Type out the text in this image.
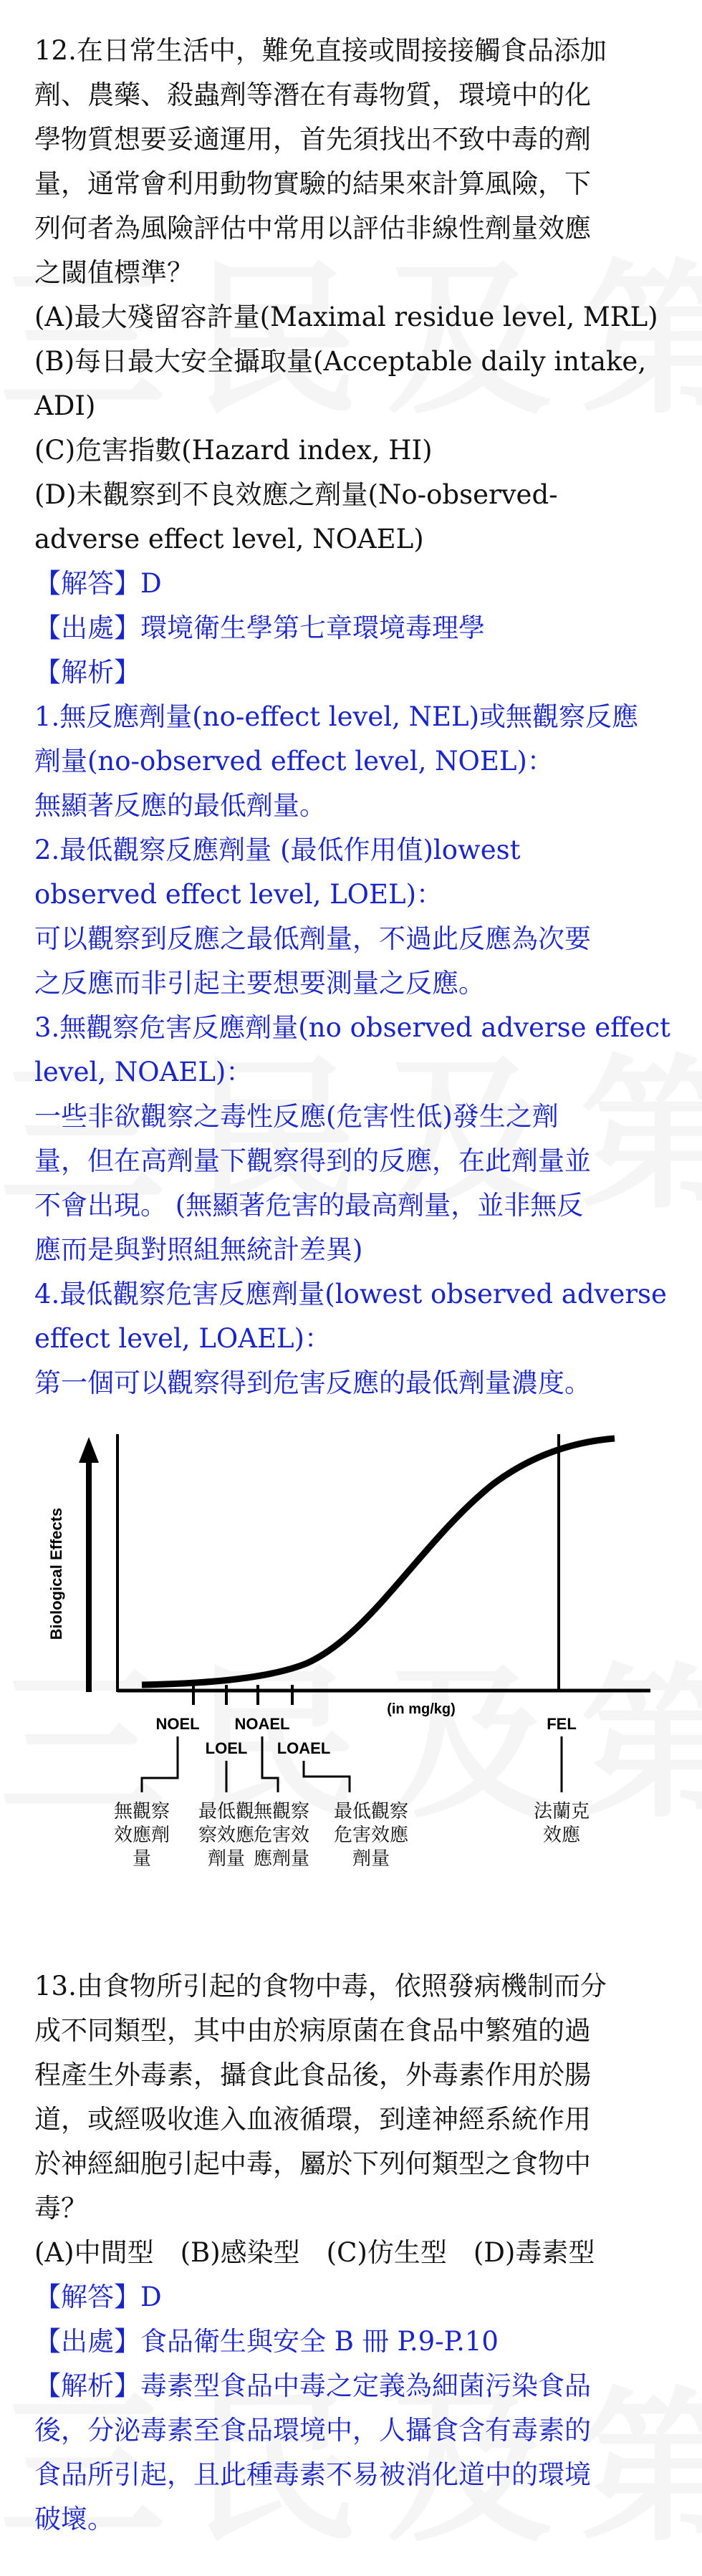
12.在日常生活中，難免直接或間接接觸食品添加

劑、農藥、殺蟲劑等潛在有毒物質，環境中的化

學物質想要妥適運用，首先須找出不致中毒的劑

量，通常會利用動物實驗的結果來計算風險，下

列何者為風險評估中常用以評估非線性劑量效應

之閾值標準？

(A)最大殘留容許量(Maximal residue level, MRL)

(B)每日最大安全攝取量(Acceptable daily intake,

ADI)

(C)危害指數(Hazard index, HI)

(D)未觀察到不良效應之劑量(No-observed-

adverse effect level, NOAEL)

【解答】D

【出處】環境衛生學第七章環境毒理學

【解析】

1.無反應劑量(no-effect level, NEL)或無觀察反應

劑量(no-observed effect level, NOEL)：

無顯著反應的最低劑量。

2.最低觀察反應劑量 (最低作用值)lowest

observed effect level, LOEL)：

可以觀察到反應之最低劑量，不過此反應為次要

之反應而非引起主要想要測量之反應。

3.無觀察危害反應劑量(no observed adverse effect

level, NOAEL)：

一些非欲觀察之毒性反應(危害性低)發生之劑

量，但在高劑量下觀察得到的反應，在此劑量並

不會出現。 (無顯著危害的最高劑量，並非無反

應而是與對照組無統計差異)

4.最低觀察危害反應劑量(lowest observed adverse

effect level, LOAEL)：

第一個可以觀察得到危害反應的最低劑量濃度。

Biological Effects
(in mg/kg)
NOEL
LOEL
NOAEL
LOAEL
FEL
無觀察
效應劑
量
最低觀
察效應
劑量
無觀察
危害效
應劑量
最低觀察
危害效應
劑量
法蘭克
效應

13.由食物所引起的食物中毒，依照發病機制而分

成不同類型，其中由於病原菌在食品中繁殖的過

程產生外毒素，攝食此食品後，外毒素作用於腸

道，或經吸收進入血液循環，到達神經系統作用

於神經細胞引起中毒，屬於下列何類型之食物中

毒？

(A)中間型　(B)感染型　(C)仿生型　(D)毒素型

【解答】D

【出處】食品衛生與安全 B 冊 P.9-P.10

【解析】毒素型食品中毒之定義為細菌污染食品

後，分泌毒素至食品環境中，人攝食含有毒素的

食品所引起，且此種毒素不易被消化道中的環境

破壞。
